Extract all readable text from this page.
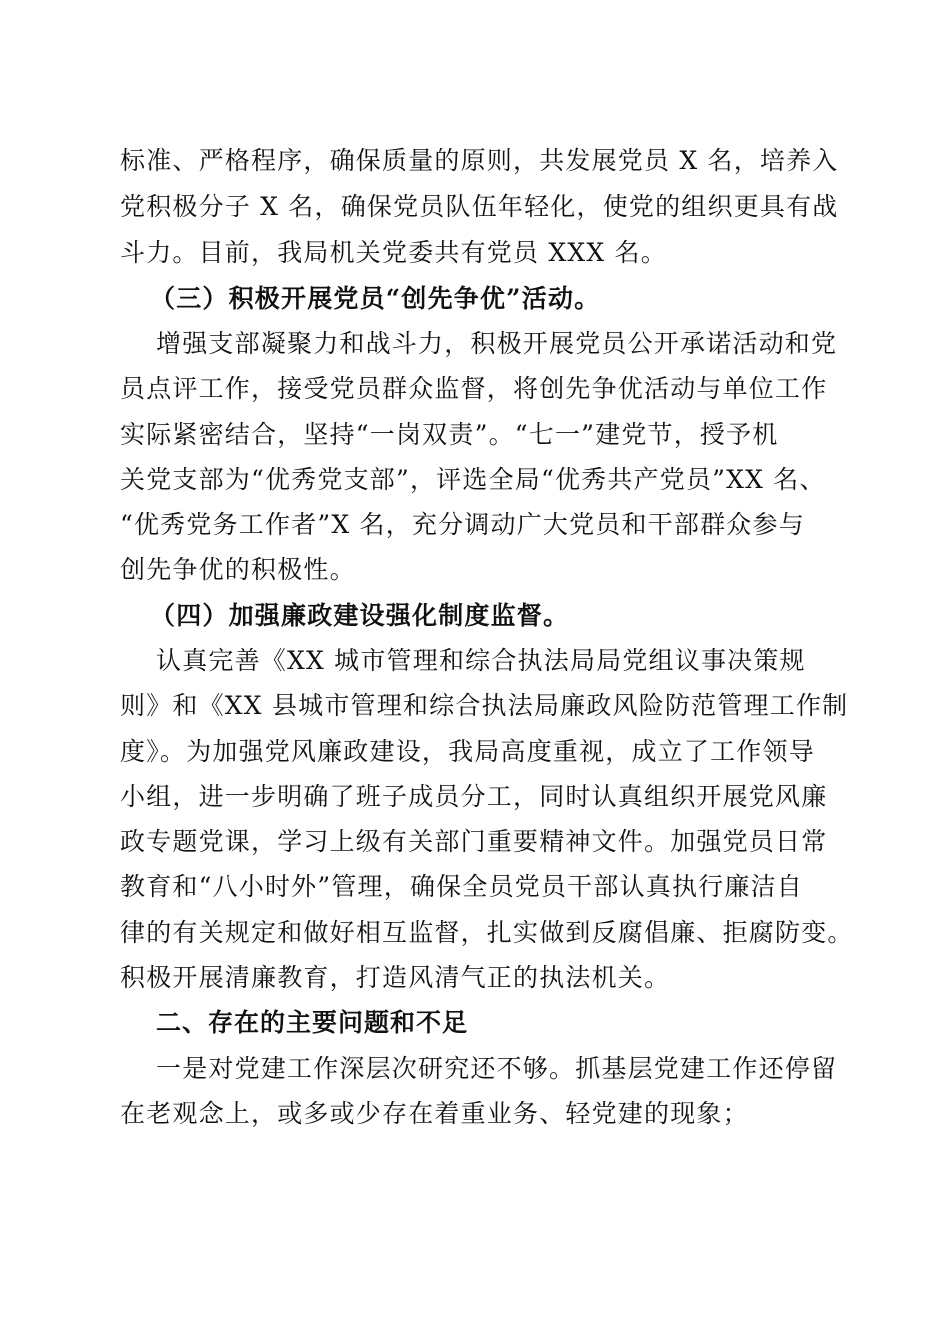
标准、严格程序，确保质量的原则，共发展党员 X 名，培养入

党积极分子 X 名，确保党员队伍年轻化，使党的组织更具有战

斗力。目前，我局机关党委共有党员 XXX 名。

（三）积极开展党员“创先争优”活动。

增强支部凝聚力和战斗力，积极开展党员公开承诺活动和党

员点评工作，接受党员群众监督，将创先争优活动与单位工作

实际紧密结合，坚持“一岗双责”。“七一”建党节，授予机

关党支部为“优秀党支部”，评选全局“优秀共产党员”XX 名、

“优秀党务工作者”X 名，充分调动广大党员和干部群众参与

创先争优的积极性。

（四）加强廉政建设强化制度监督。

认真完善《XX 城市管理和综合执法局局党组议事决策规

则》和《XX 县城市管理和综合执法局廉政风险防范管理工作制

度》。为加强党风廉政建设，我局高度重视，成立了工作领导

小组，进一步明确了班子成员分工，同时认真组织开展党风廉

政专题党课，学习上级有关部门重要精神文件。加强党员日常

教育和“八小时外”管理，确保全员党员干部认真执行廉洁自

律的有关规定和做好相互监督，扎实做到反腐倡廉、拒腐防变。

积极开展清廉教育，打造风清气正的执法机关。

二、存在的主要问题和不足

一是对党建工作深层次研究还不够。抓基层党建工作还停留

在老观念上，或多或少存在着重业务、轻党建的现象；
